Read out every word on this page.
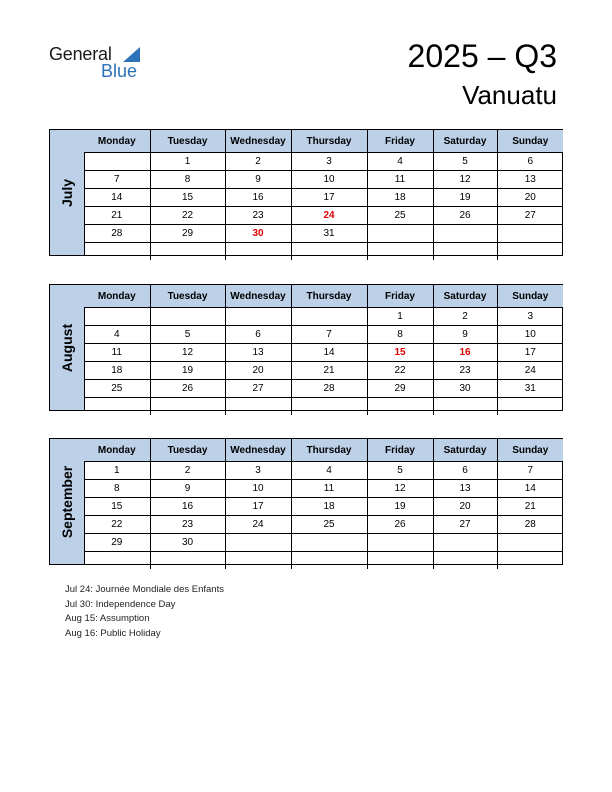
General
Blue	2025 – Q3
Vanuatu
July
Monday	Tuesday	Wednesday	Thursday	Friday	Saturday	Sunday
	1	2	3	4	5	6
7	8	9	10	11	12	13
14	15	16	17	18	19	20
21	22	23	24	25	26	27
28	29	30	31			

August
Monday	Tuesday	Wednesday	Thursday	Friday	Saturday	Sunday
				1	2	3
4	5	6	7	8	9	10
11	12	13	14	15	16	17
18	19	20	21	22	23	24
25	26	27	28	29	30	31

September
Monday	Tuesday	Wednesday	Thursday	Friday	Saturday	Sunday
1	2	3	4	5	6	7
8	9	10	11	12	13	14
15	16	17	18	19	20	21
22	23	24	25	26	27	28
29	30					

Jul 24: Journée Mondiale des Enfants
Jul 30: Independence Day
Aug 15: Assumption
Aug 16: Public Holiday
